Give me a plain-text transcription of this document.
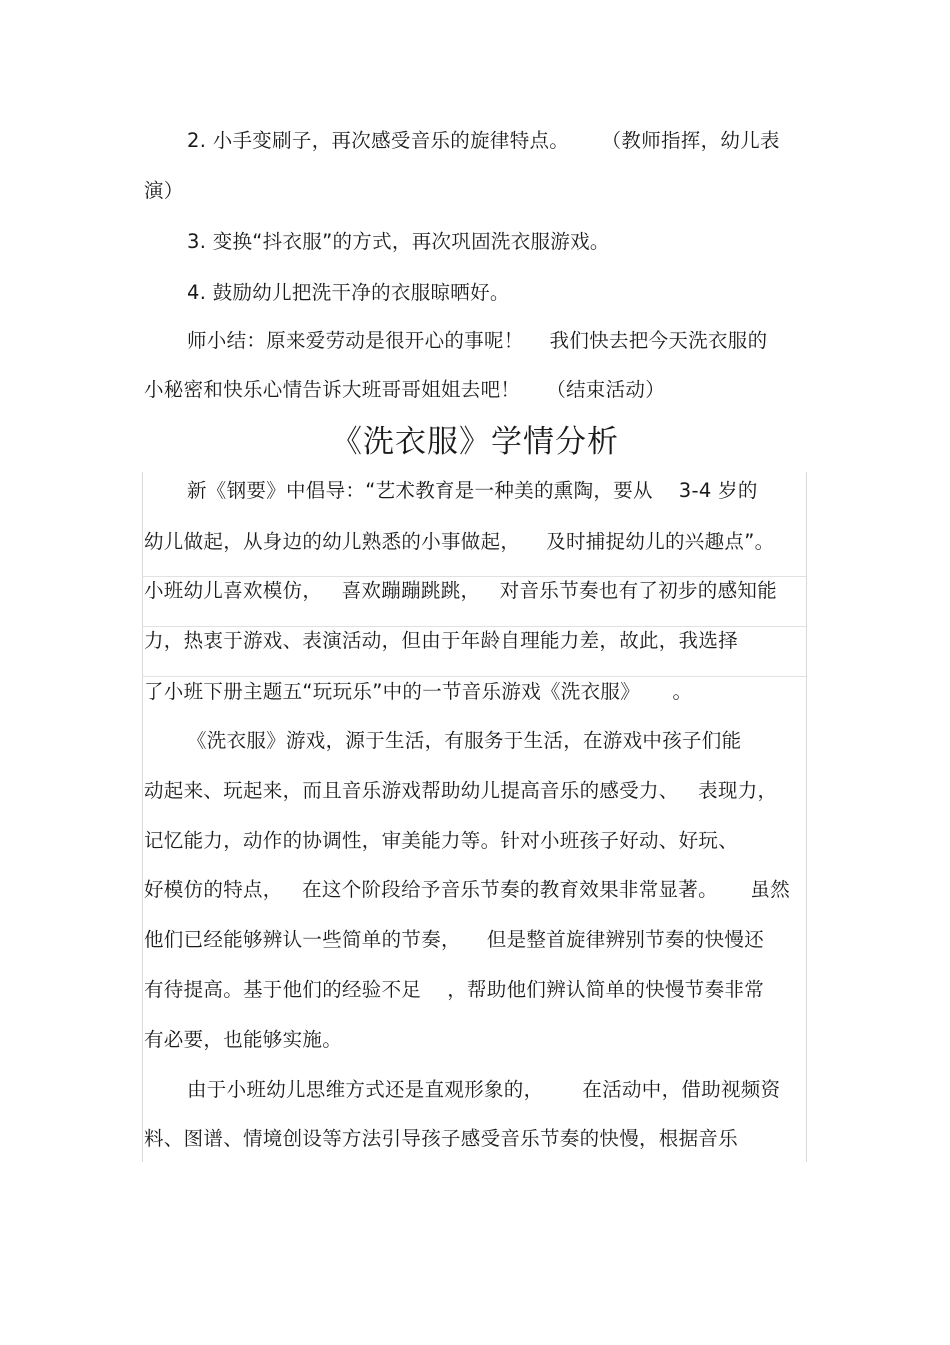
2. 小手变刷子，再次感受音乐的旋律特点。     （教师指挥，幼儿表
演）
3. 变换“抖衣服”的方式，再次巩固洗衣服游戏。
4. 鼓励幼儿把洗干净的衣服晾晒好。
师小结：原来爱劳动是很开心的事呢！    我们快去把今天洗衣服的
小秘密和快乐心情告诉大班哥哥姐姐去吧！    （结束活动）
《洗衣服》学情分析
新《钢要》中倡导：“艺术教育是一种美的熏陶，要从    3-4 岁的
幼儿做起，从身边的幼儿熟悉的小事做起，    及时捕捉幼儿的兴趣点”。
小班幼儿喜欢模仿，   喜欢蹦蹦跳跳，   对音乐节奏也有了初步的感知能
力，热衷于游戏、表演活动，但由于年龄自理能力差，故此，我选择
了小班下册主题五“玩玩乐”中的一节音乐游戏《洗衣服》     。
《洗衣服》游戏，源于生活，有服务于生活，在游戏中孩子们能
动起来、玩起来，而且音乐游戏帮助幼儿提高音乐的感受力、   表现力，
记忆能力，动作的协调性，审美能力等。针对小班孩子好动、好玩、
好模仿的特点，   在这个阶段给予音乐节奏的教育效果非常显著。     虽然
他们已经能够辨认一些简单的节奏，    但是整首旋律辨别节奏的快慢还
有待提高。基于他们的经验不足    ，帮助他们辨认简单的快慢节奏非常
有必要，也能够实施。
由于小班幼儿思维方式还是直观形象的，      在活动中，借助视频资
料、图谱、情境创设等方法引导孩子感受音乐节奏的快慢，根据音乐
